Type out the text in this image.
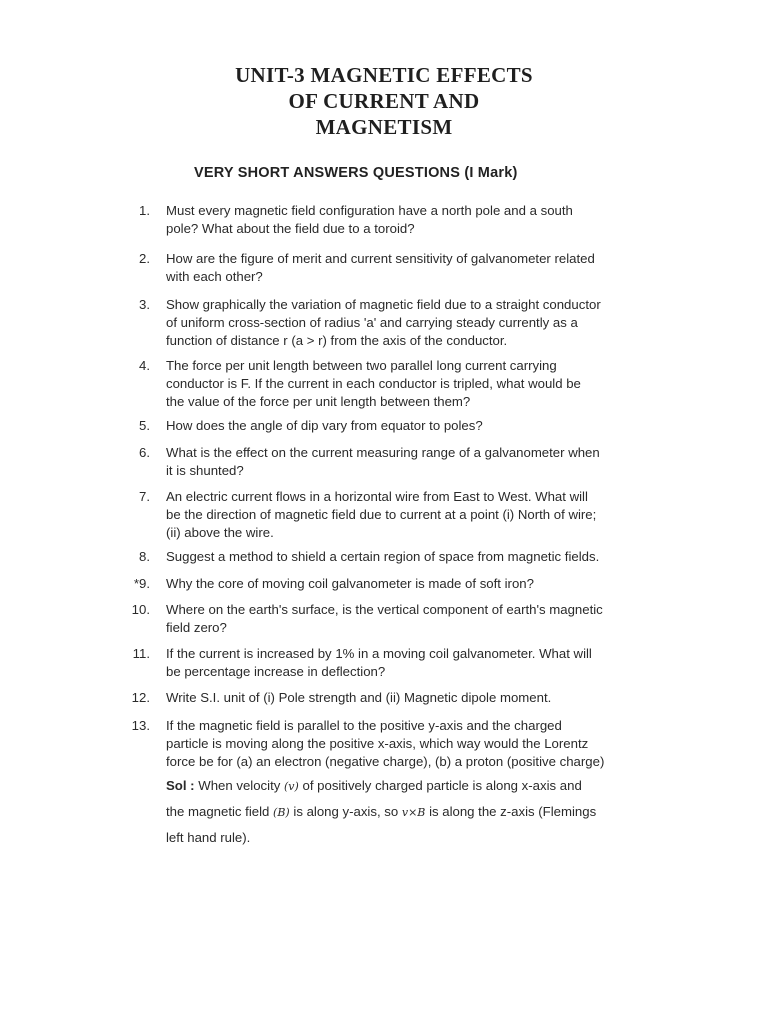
UNIT-3 MAGNETIC EFFECTS
OF CURRENT AND
MAGNETISM
VERY SHORT ANSWERS QUESTIONS (I Mark)
1. Must every magnetic field configuration have a north pole and a south
pole? What about the field due to a toroid?
2. How are the figure of merit and current sensitivity of galvanometer related
with each other?
3. Show graphically the variation of magnetic field due to a straight conductor
of uniform cross-section of radius 'a' and carrying steady currently as a
function of distance r (a > r) from the axis of the conductor.
4. The force per unit length between two parallel long current carrying
conductor is F. If the current in each conductor is tripled, what would be
the value of the force per unit length between them?
5. How does the angle of dip vary from equator to poles?
6. What is the effect on the current measuring range of a galvanometer when
it is shunted?
7. An electric current flows in a horizontal wire from East to West. What will
be the direction of magnetic field due to current at a point (i) North of wire;
(ii) above the wire.
8. Suggest a method to shield a certain region of space from magnetic fields.
*9. Why the core of moving coil galvanometer is made of soft iron?
10. Where on the earth's surface, is the vertical component of earth's magnetic
field zero?
11. If the current is increased by 1% in a moving coil galvanometer. What will
be percentage increase in deflection?
12. Write S.I. unit of (i) Pole strength and (ii) Magnetic dipole moment.
13. If the magnetic field is parallel to the positive y-axis and the charged
particle is moving along the positive x-axis, which way would the Lorentz
force be for (a) an electron (negative charge), (b) a proton (positive charge)
Sol : When velocity (v) of positively charged particle is along x-axis and
the magnetic field (B) is along y-axis, so v×B is along the z-axis (Flemings
left hand rule).
